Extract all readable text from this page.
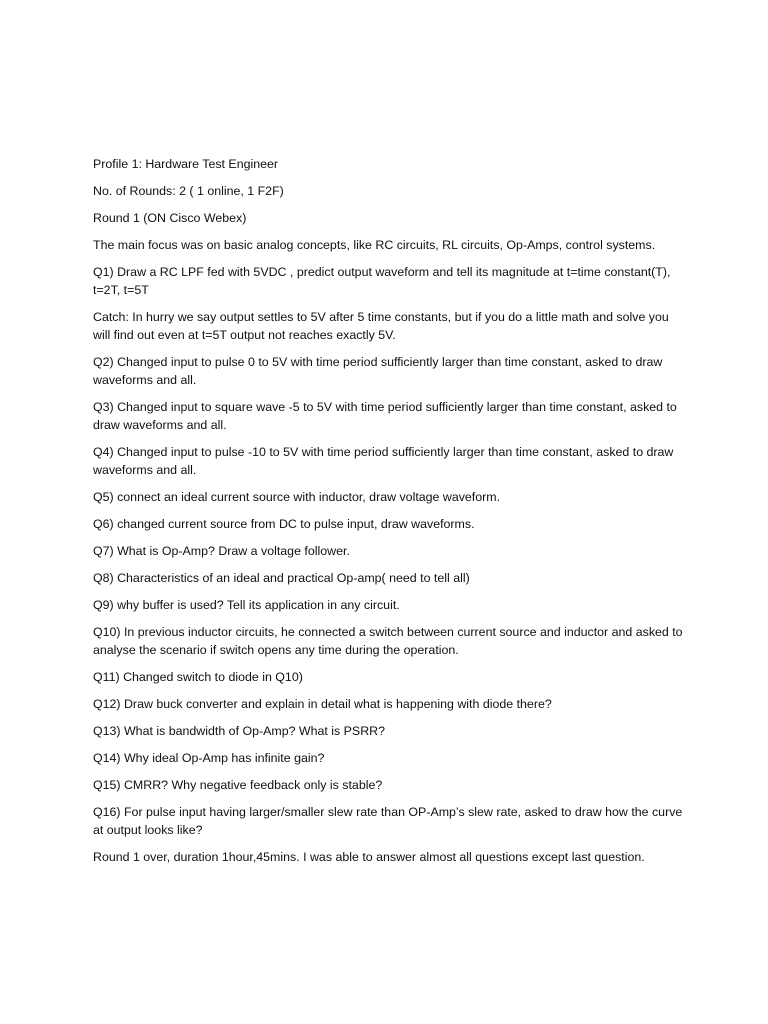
Profile 1: Hardware Test Engineer

No. of Rounds: 2 ( 1 online, 1 F2F)

Round 1 (ON Cisco Webex)

The main focus was on basic analog concepts, like RC circuits, RL circuits, Op-Amps, control systems.

Q1) Draw a RC LPF fed with 5VDC , predict output waveform and tell its magnitude at t=time constant(T), t=2T, t=5T

Catch: In hurry we say output settles to 5V after 5 time constants, but if you do a little math and solve you will find out even at t=5T output not reaches exactly 5V.

Q2) Changed input to pulse 0 to 5V with time period sufficiently larger than time constant, asked to draw waveforms and all.

Q3) Changed input to square wave -5 to 5V with time period sufficiently larger than time constant, asked to draw waveforms and all.

Q4) Changed input to pulse -10 to 5V with time period sufficiently larger than time constant, asked to draw waveforms and all.

Q5) connect an ideal current source with inductor, draw voltage waveform.

Q6) changed current source from DC to pulse input, draw waveforms.

Q7) What is Op-Amp? Draw a voltage follower.

Q8) Characteristics of an ideal and practical Op-amp( need to tell all)

Q9) why buffer is used? Tell its application in any circuit.

Q10) In previous inductor circuits, he connected a switch between current source and inductor and asked to analyse the scenario if switch opens any time during the operation.

Q11) Changed switch to diode in Q10)

Q12) Draw buck converter and explain in detail what is happening with diode there?

Q13) What is bandwidth of Op-Amp? What is PSRR?

Q14) Why ideal Op-Amp has infinite gain?

Q15) CMRR? Why negative feedback only is stable?

Q16) For pulse input having larger/smaller slew rate than OP-Amp’s slew rate, asked to draw how the curve at output looks like?

Round 1 over, duration 1hour,45mins. I was able to answer almost all questions except last question.
